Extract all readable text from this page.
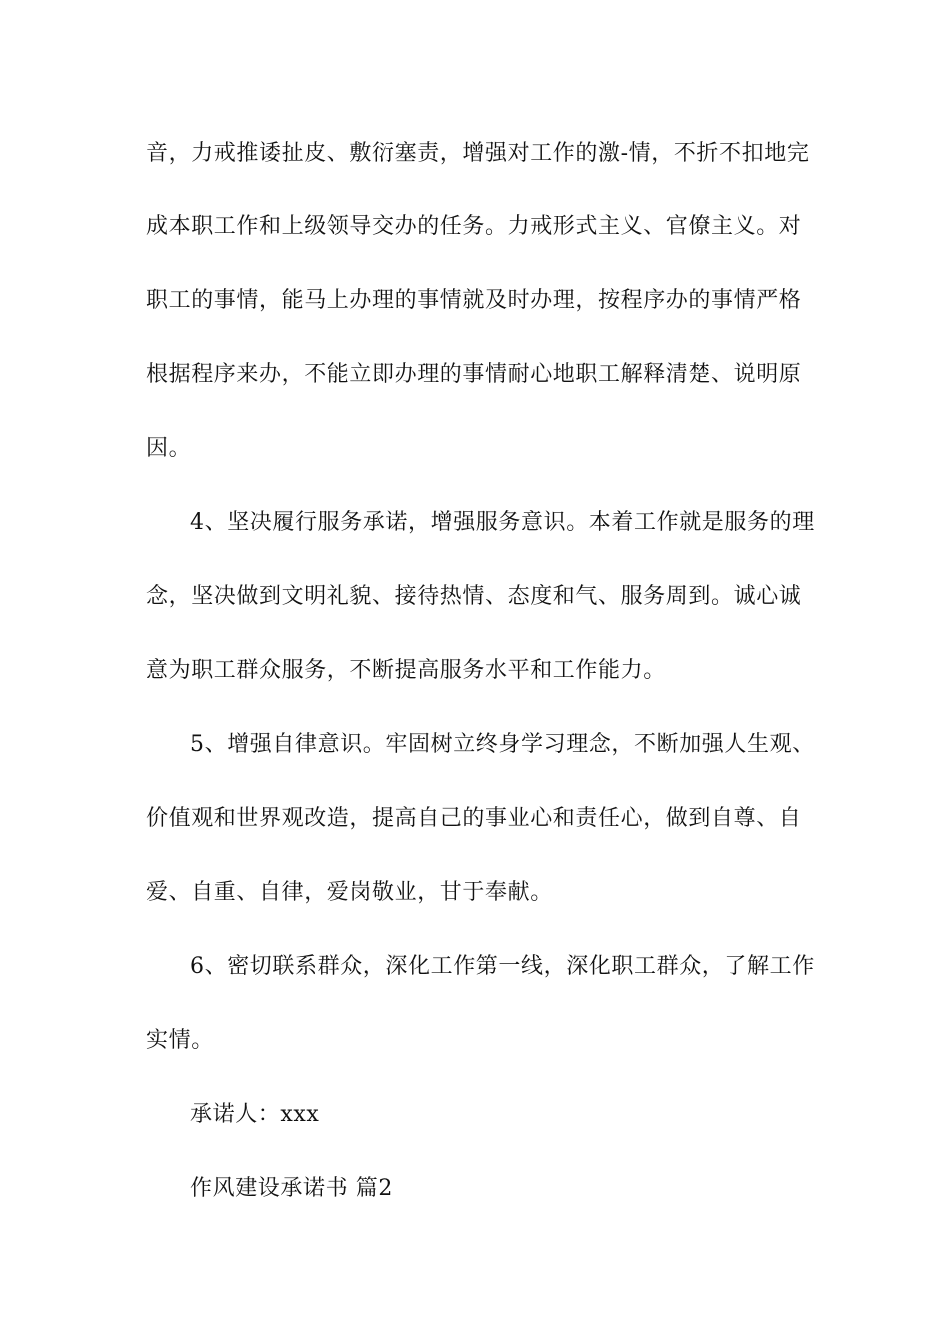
音，力戒推诿扯皮、敷衍塞责，增强对工作的激-情，不折不扣地完
成本职工作和上级领导交办的任务。力戒形式主义、官僚主义。对
职工的事情，能马上办理的事情就及时办理，按程序办的事情严格
根据程序来办，不能立即办理的事情耐心地职工解释清楚、说明原
因。
4、坚决履行服务承诺，增强服务意识。本着工作就是服务的理
念，坚决做到文明礼貌、接待热情、态度和气、服务周到。诚心诚
意为职工群众服务，不断提高服务水平和工作能力。
5、增强自律意识。牢固树立终身学习理念，不断加强人生观、
价值观和世界观改造，提高自己的事业心和责任心，做到自尊、自
爱、自重、自律，爱岗敬业，甘于奉献。
6、密切联系群众，深化工作第一线，深化职工群众，了解工作
实情。
承诺人：xxx
作风建设承诺书 篇2
